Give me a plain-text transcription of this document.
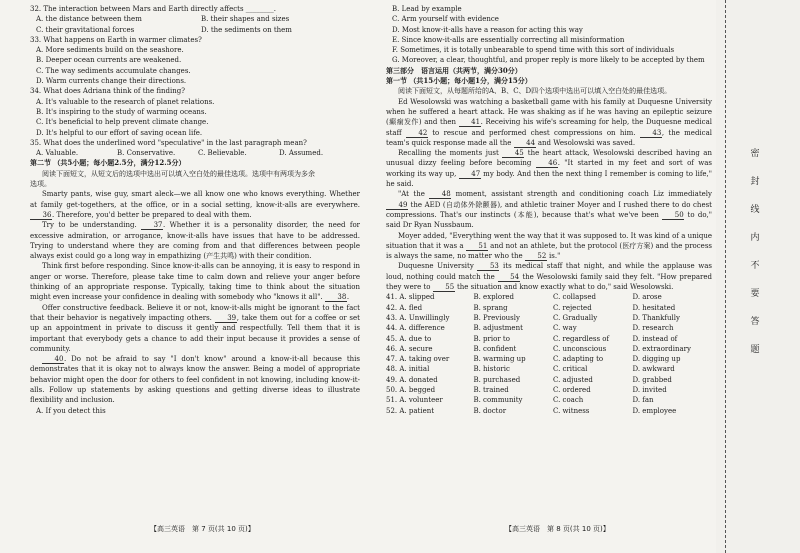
32. The interaction between Mars and Earth directly affects ________.
A. the distance between them	B. their shapes and sizes
C. their gravitational forces	D. the sediments on them
33. What happens on Earth in warmer climates?
A. More sediments build on the seashore.
B. Deeper ocean currents are weakened.
C. The way sediments accumulate changes.
D. Warm currents change their directions.
34. What does Adriana think of the finding?
A. It's valuable to the research of planet relations.
B. It's inspiring to the study of warming oceans.
C. It's beneficial to help prevent climate change.
D. It's helpful to our effort of saving ocean life.
35. What does the underlined word "speculative" in the last paragraph mean?
A. Valuable.	B. Conservative.	C. Believable.	D. Assumed.
第二节 （共5小题；每小题2.5分，满分12.5分）
阅读下面短文，从短文后的选项中选出可以填入空白处的最佳选项。选项中有两项为多余
选项。
Smarty pants, wise guy, smart aleck—we all know one who knows everything. Whether at family get-togethers, at the office, or in a social setting, know-it-alls are everywhere. 36. Therefore, you'd better be prepared to deal with them.
Try to be understanding. 37. Whether it is a personality disorder, the need for excessive admiration, or arrogance, know-it-alls have issues that have to be addressed. Trying to understand where they are coming from and that differences between people always exist could go a long way in empathizing (产生共鸣) with their condition.
Think first before responding. Since know-it-alls can be annoying, it is easy to respond in anger or worse. Therefore, please take time to calm down and relieve your anger before thinking of an appropriate response. Typically, taking time to think about the situation might even increase your confidence in dealing with somebody who "knows it all". 38.
Offer constructive feedback. Believe it or not, know-it-alls might be ignorant to the fact that their behavior is negatively impacting others. 39, take them out for a coffee or set up an appointment in private to discuss it gently and respectfully. Tell them that it is important that everybody gets a chance to add their input because it provides a sense of community.
40. Do not be afraid to say "I don't know" around a know-it-all because this demonstrates that it is okay not to always know the answer. Being a model of appropriate behavior might open the door for others to feel confident in not knowing, including know-it-alls. Follow up statements by asking questions and getting diverse ideas to illustrate flexibility and inclusion.
A. If you detect this
【高三英语　第 7 页(共 10 页)】
B. Lead by example
C. Arm yourself with evidence
D. Most know-it-alls have a reason for acting this way
E. Since know-it-alls are essentially correcting all misinformation
F. Sometimes, it is totally unbearable to spend time with this sort of individuals
G. Moreover, a clear, thoughtful, and proper reply is more likely to be accepted by them
第三部分　语言运用（共两节，满分30分）
第一节 （共15小题；每小题1分，满分15分）
阅读下面短文，从每题所给的A、B、C、D四个选项中选出可以填入空白处的最佳选项。
Ed Wesolowski was watching a basketball game with his family at Duquesne University when he suffered a heart attack. He was shaking as if he was having an epileptic seizure (癫痫发作) and then 41. Receiving his wife's screaming for help, the Duquesne medical staff 42 to rescue and performed chest compressions on him. 43, the medical team's quick response made all the 44 and Wesolowski was saved.
Recalling the moments just 45 the heart attack, Wesolowski described having an unusual dizzy feeling before becoming 46. "It started in my feet and sort of was working its way up, 47 my body. And then the next thing I remember is coming to life," he said.
"At the 48 moment, assistant strength and conditioning coach Liz immediately 49 the AED (自动体外除颤器), and athletic trainer Moyer and I rushed there to do chest compressions. That's our instincts (本能), because that's what we've been 50 to do," said Dr Ryan Nussbaum.
Moyer added, "Everything went the way that it was supposed to. It was kind of a unique situation that it was a 51 and not an athlete, but the protocol (医疗方案) and the process is always the same, no matter who the 52 is."
Duquesne University 53 its medical staff that night, and while the applause was loud, nothing could match the 54 the Wesolowski family said they felt. "How prepared they were to 55 the situation and know exactly what to do," said Wesolowski.
41. A. slipped	B. explored	C. collapsed	D. arose
42. A. fled	B. sprang	C. rejected	D. hesitated
43. A. Unwillingly	B. Previously	C. Gradually	D. Thankfully
44. A. difference	B. adjustment	C. way	D. research
45. A. due to	B. prior to	C. regardless of	D. instead of
46. A. secure	B. confident	C. unconscious	D. extraordinary
47. A. taking over	B. warming up	C. adapting to	D. digging up
48. A. initial	B. historic	C. critical	D. awkward
49. A. donated	B. purchased	C. adjusted	D. grabbed
50. A. begged	B. trained	C. ordered	D. invited
51. A. volunteer	B. community	C. coach	D. fan
52. A. patient	B. doctor	C. witness	D. employee
【高三英语　第 8 页(共 10 页)】
密封线内不要答题
